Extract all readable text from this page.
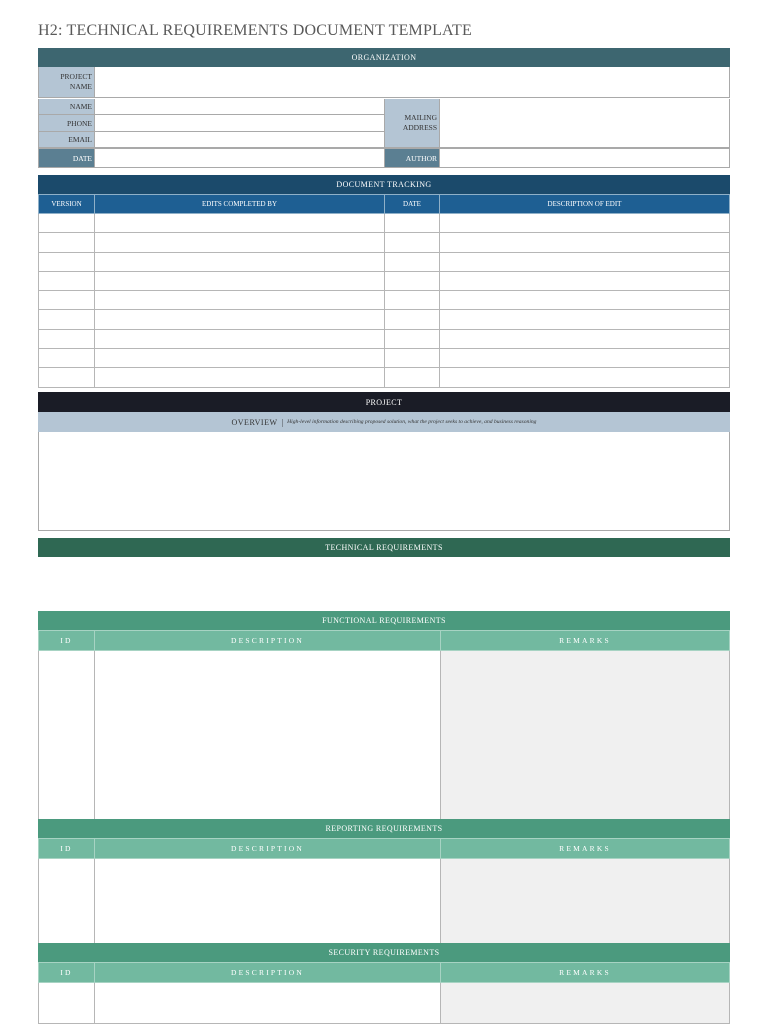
H2: TECHNICAL REQUIREMENTS DOCUMENT TEMPLATE
ORGANIZATION
PROJECT NAME
NAME
PHONE
EMAIL
MAILING ADDRESS
DATE	AUTHOR
DOCUMENT TRACKING
VERSION	EDITS COMPLETED BY	DATE	DESCRIPTION OF EDIT

PROJECT
OVERVIEW | High-level information describing proposed solution, what the project seeks to achieve, and business reasoning
TECHNICAL REQUIREMENTS
FUNCTIONAL REQUIREMENTS
ID	DESCRIPTION	REMARKS

REPORTING REQUIREMENTS
ID	DESCRIPTION	REMARKS

SECURITY REQUIREMENTS
ID	DESCRIPTION	REMARKS
